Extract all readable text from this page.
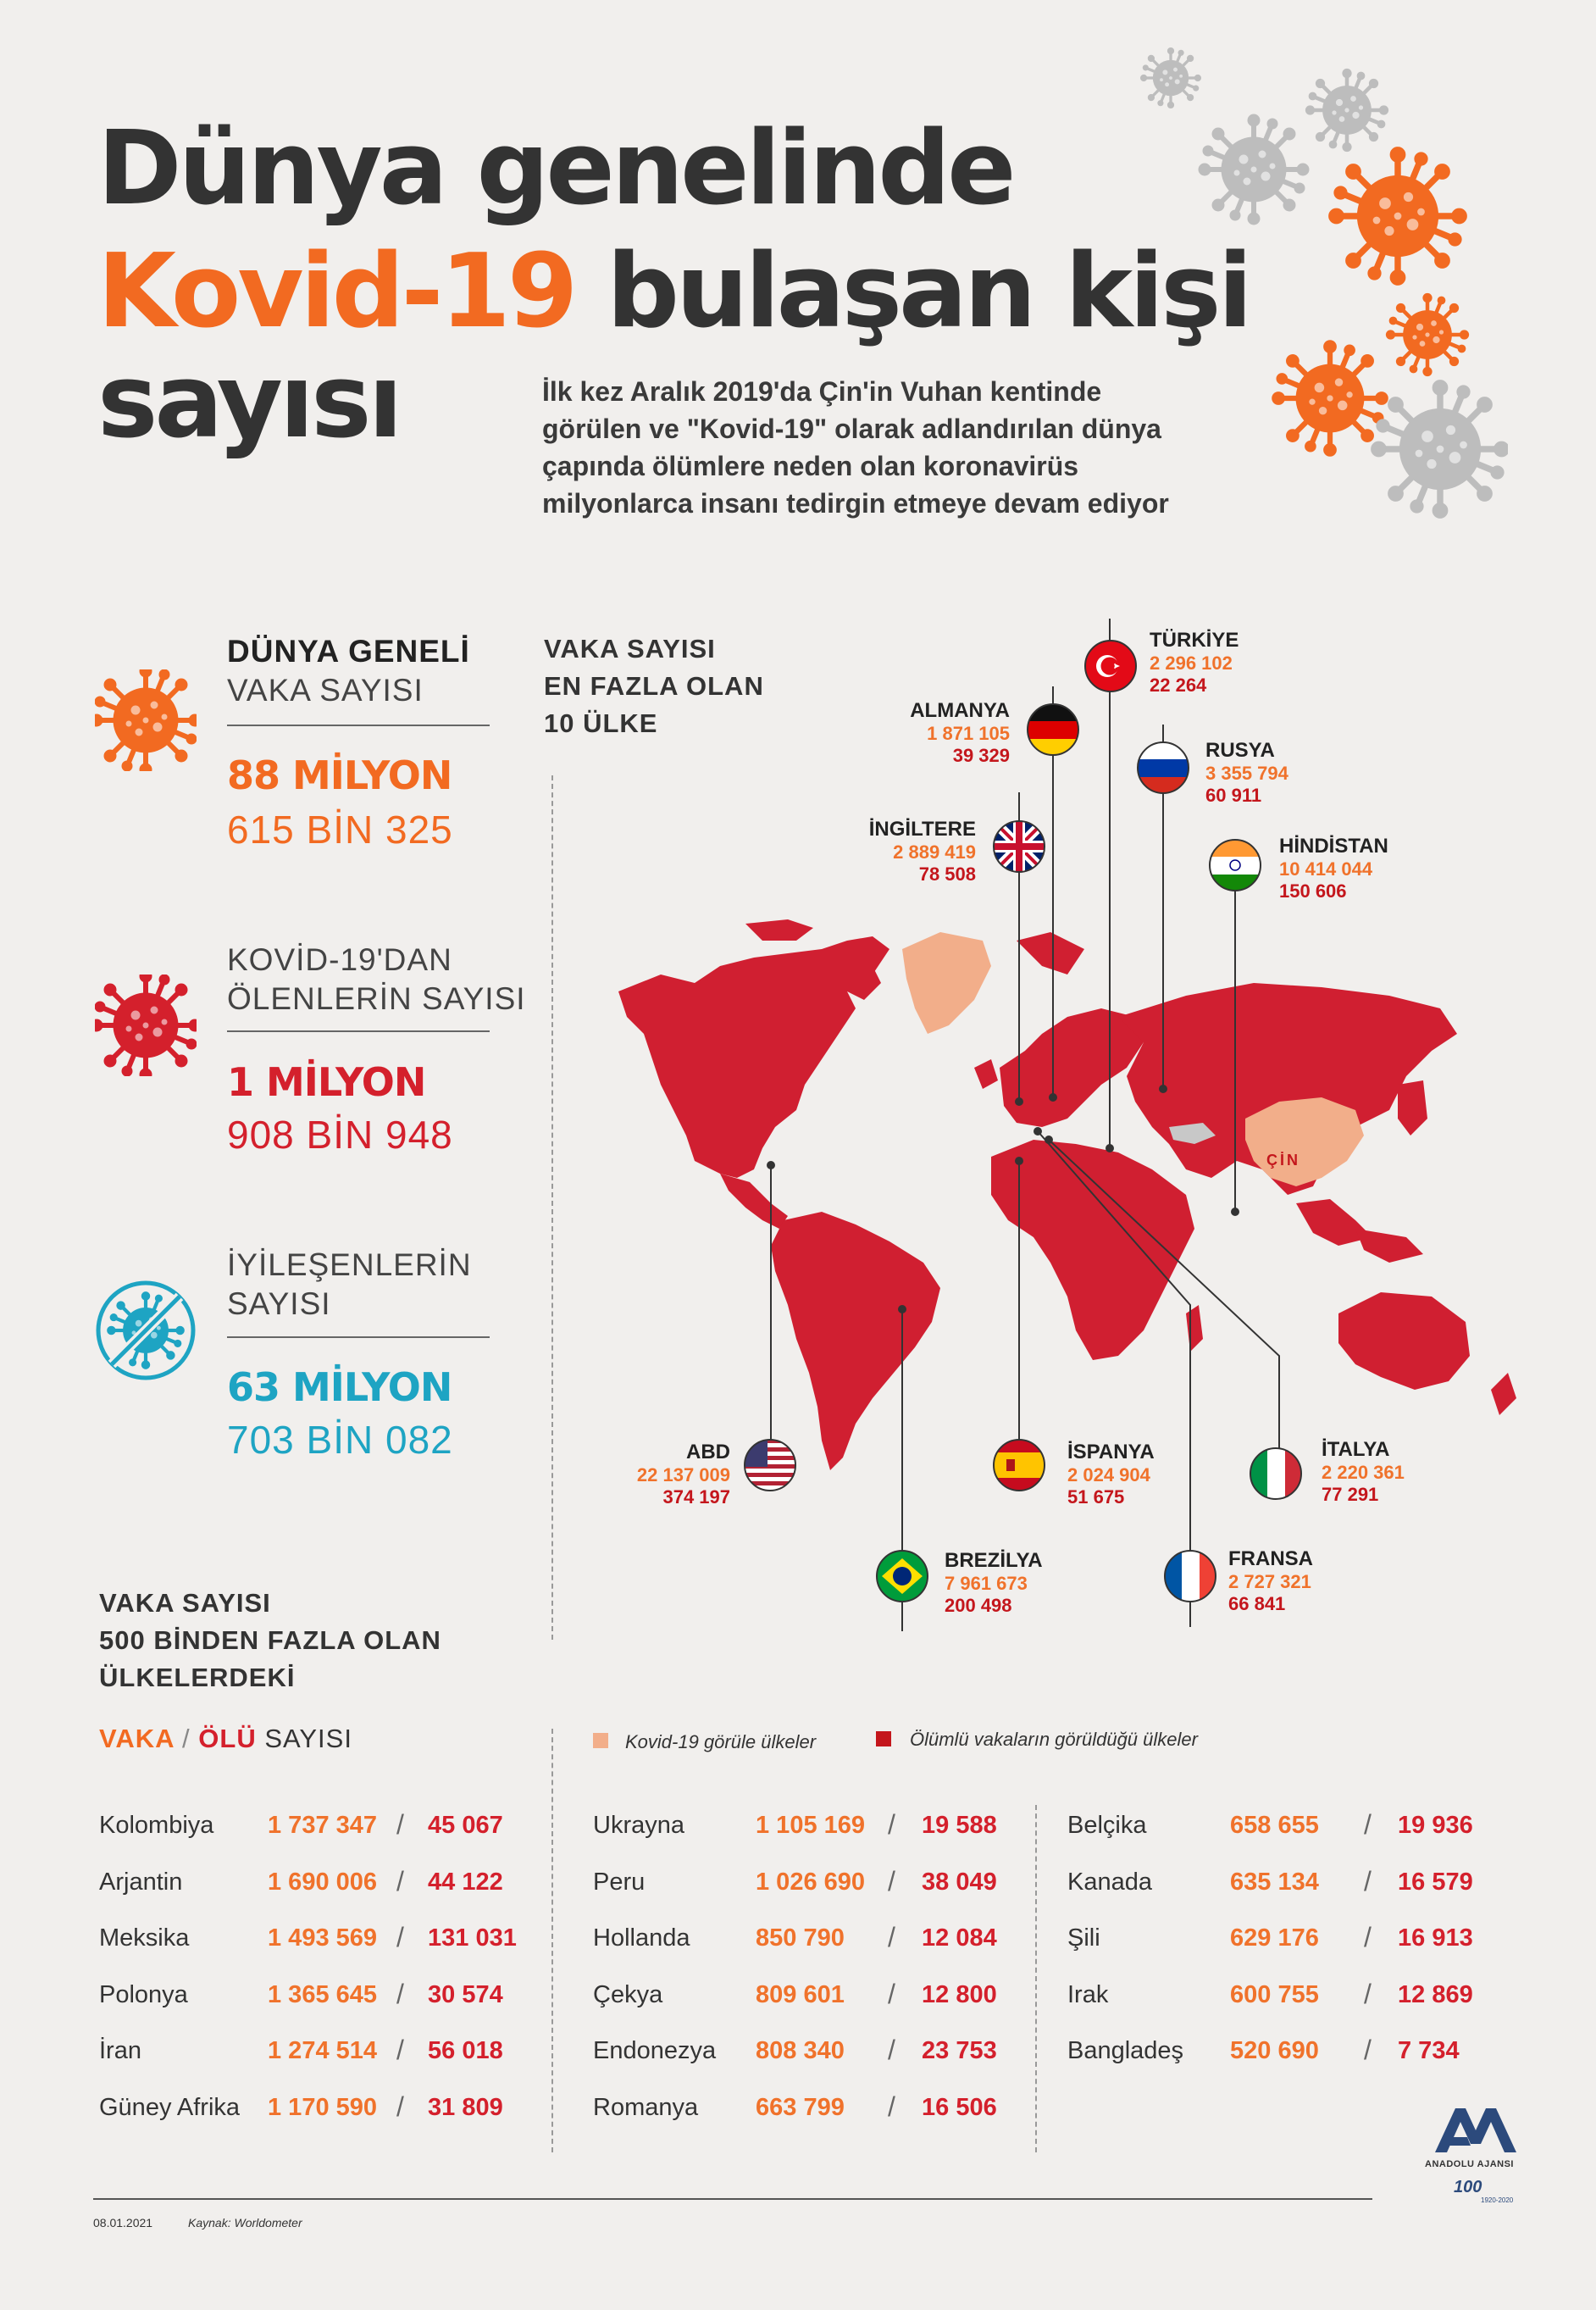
Dünya genelinde
Kovid-19 bulaşan kişi
sayısı	İlk kez Aralık 2019'da Çin'in Vuhan kentinde görülen ve "Kovid-19" olarak adlandırılan dünya çapında ölümlere neden olan koronavirüs milyonlarca insanı tedirgin etmeye devam ediyor
DÜNYA GENELİ
VAKA SAYISI
88 MİLYON
615 BİN 325
KOVİD-19'DAN
ÖLENLERİN SAYISI
1 MİLYON
908 BİN 948
İYİLEŞENLERİN
SAYISI
63 MİLYON
703 BİN 082
VAKA SAYISI
EN FAZLA OLAN
10 ÜLKE
ÇİN
TÜRKİYE
2 296 102
22 264
ALMANYA
1 871 105
39 329	RUSYA
3 355 794
60 911
İNGİLTERE
2 889 419
78 508
HİNDİSTAN
10 414 044
150 606
ABD
22 137 009
374 197
İSPANYA
2 024 904
51 675
İTALYA
2 220 361
77 291
BREZİLYA
7 961 673
200 498
FRANSA
2 727 321
66 841
VAKA SAYISI
500 BİNDEN FAZLA OLAN
ÜLKELERDEKİ
VAKA / ÖLÜ SAYISI	Kovid-19 görüle ülkeler	Ölümlü vakaların görüldüğü ülkeler
Kolombiya 1 737 347 / 45 067
Arjantin	1 690 006 / 44 122
Meksika	1 493 569 / 131 031
Polonya	1 365 645 / 30 574
İran	1 274 514 / 56 018
Güney Afrika 1 170 590 / 31 809
Ukrayna	1 105 169 / 19 588
Peru	1 026 690 / 38 049
Hollanda	850 790 / 12 084
Çekya	809 601 / 12 800
Endonezya 808 340 / 23 753
Romanya 663 799 / 16 506
Belçika	658 655 / 19 936
Kanada	635 134 / 16 579
Şili	629 176 / 16 913
Irak	600 755 / 12 869
Bangladeş 520 690 / 7 734
08.01.2021	Kaynak: Worldometer
ANADOLU AJANSI
100
1920-2020
